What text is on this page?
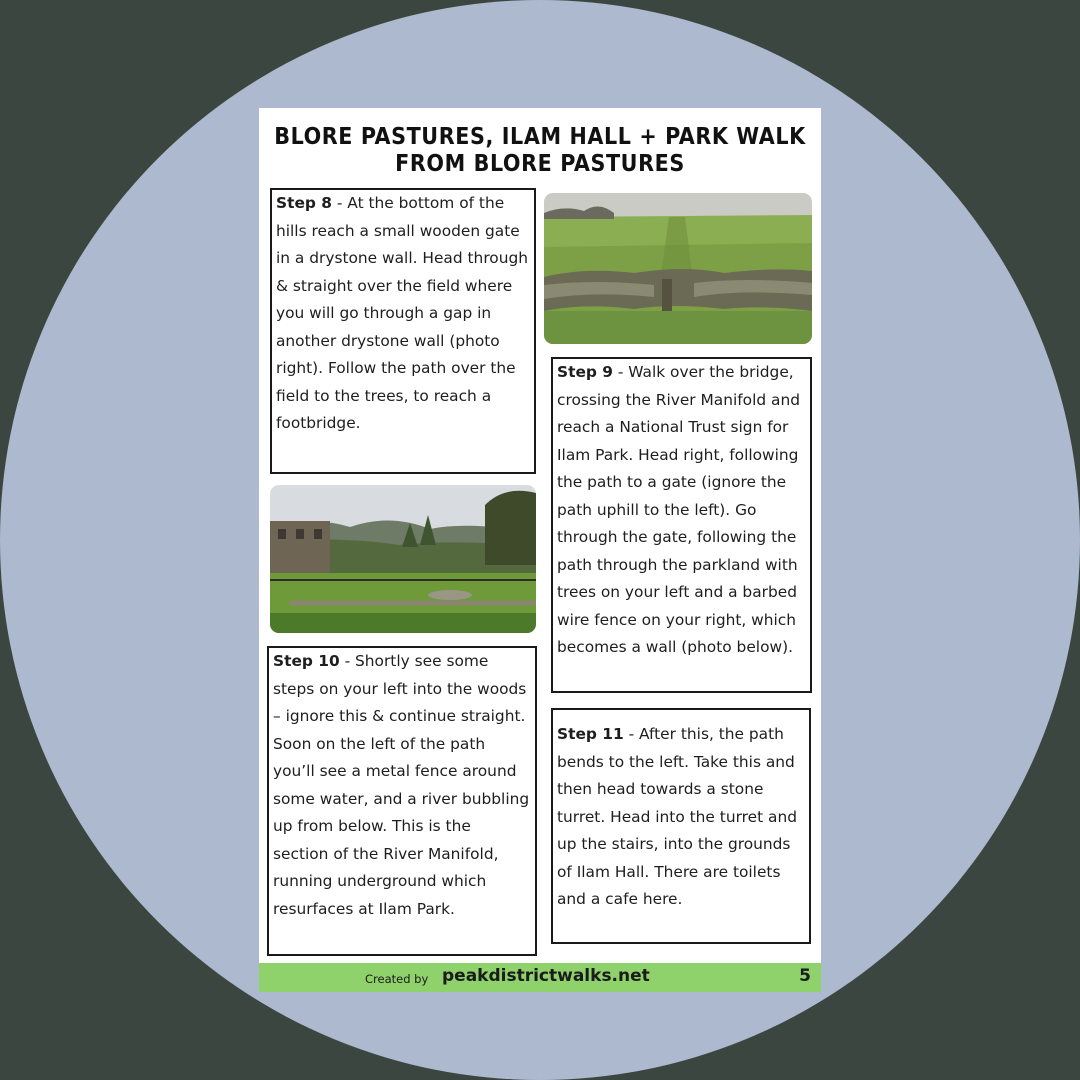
BLORE PASTURES, ILAM HALL + PARK WALK FROM BLORE PASTURES
Step 8 - At the bottom of the hills reach a small wooden gate in a drystone wall. Head through & straight over the field where you will go through a gap in another drystone wall (photo right). Follow the path over the field to the trees, to reach a footbridge.
Step 9 - Walk over the bridge, crossing the River Manifold and reach a National Trust sign for Ilam Park. Head right, following the path to a gate (ignore the path uphill to the left). Go through the gate, following the path through the parkland with trees on your left and a barbed wire fence on your right, which becomes a wall (photo below).
Step 10 - Shortly see some steps on your left into the woods – ignore this & continue straight. Soon on the left of the path you’ll see a metal fence around some water, and a river bubbling up from below. This is the section of the River Manifold, running underground which resurfaces at Ilam Park.
Step 11 - After this, the path bends to the left. Take this and then head towards a stone turret. Head into the turret and up the stairs, into the grounds of Ilam Hall. There are toilets and a cafe here.
Created by peakdistrictwalks.net	5
